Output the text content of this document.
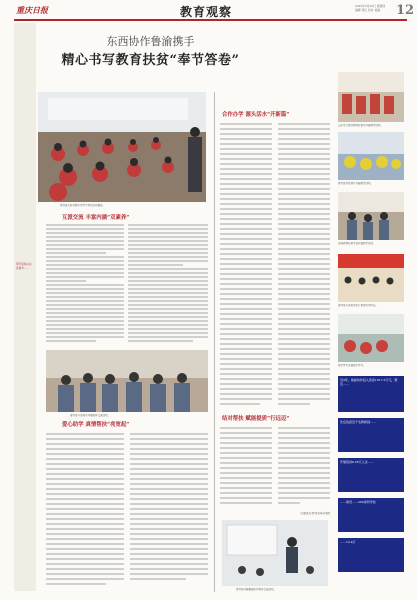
重庆日报	教育观察	2020年3月26日 星期四
编辑 责任 校对 美编	12
奉节县和山东济南市……
东西协作鲁渝携手
精心书写教育扶贫“奉节答卷”
奉节县实验初级中学学生参加互动课堂。
互派交流 丰富内涵“双素养”
奉节县与济南市开展教育交流活动。
爱心助学 真情帮扶“亮宽起”
合作办学 源头活水“开新篇”
结对帮扶 赋能提质“行远迈”
文/通讯员 图/受访单位供图
奉节县开展鲁渝协作教育交流活动。
山东对口帮扶教师在奉节开展教学活动。
奉节县学校师生开展教学活动。
济南教师在奉节县开展教学活动。
奉节县与济南市签订教育协作协议。
奉节学生在课堂中学习。
近3年，鲁渝协作投入资金1617.5万元，惠及……
先后选派近千名教师到……
开展培训6.05万人次……
……建设……200余所学校
……12.4万
